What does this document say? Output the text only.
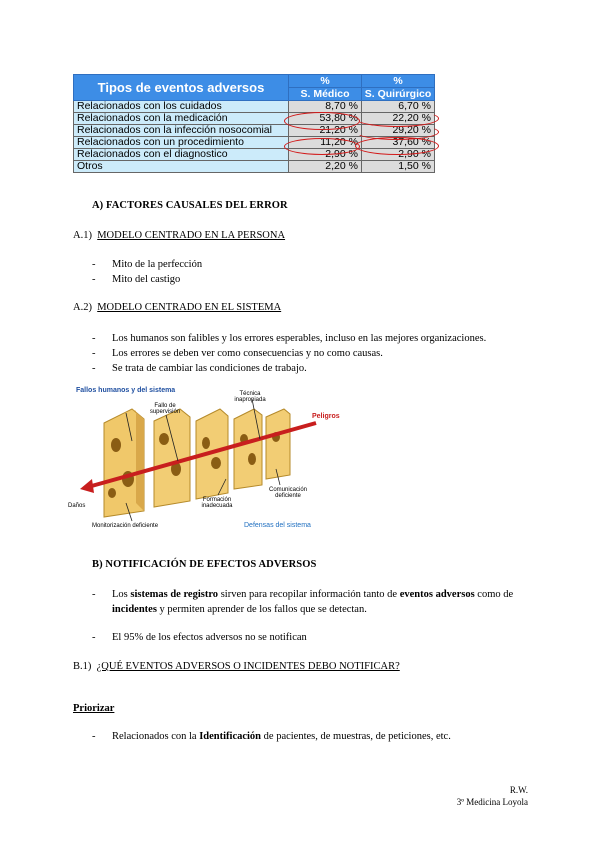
Tipos de eventos adversos	%	%
	S. Médico	S. Quirúrgico
Relacionados con los cuidados	8,70 %	6,70 %
Relacionados con la medicación	53,80 %	22,20 %
Relacionados con la infección nosocomial	21,20 %	29,20 %
Relacionados con un procedimiento	11,20 %	37,60 %
Relacionados con el diagnostico	2,90 %	2,90 %
Otros	2,20 %	1,50 %
A) FACTORES CAUSALES DEL ERROR
A.1) MODELO CENTRADO EN LA PERSONA
- Mito de la perfección
- Mito del castigo
A.2) MODELO CENTRADO EN EL SISTEMA
- Los humanos son falibles y los errores esperables, incluso en las mejores organizaciones.
- Los errores se deben ver como consecuencias y no como causas.
- Se trata de cambiar las condiciones de trabajo.
Fallos humanos y del sistema
Fallo de supervisión
Técnica inapropiada
Peligros
Comunicación deficiente
Formación inadecuada
Daños
Monitorización deficiente	Defensas del sistema
B) NOTIFICACIÓN DE EFECTOS ADVERSOS
- Los sistemas de registro sirven para recopilar información tanto de eventos adversos como de incidentes y permiten aprender de los fallos que se detectan.
- El 95% de los efectos adversos no se notifican
B.1) ¿QUÉ EVENTOS ADVERSOS O INCIDENTES DEBO NOTIFICAR?
Priorizar
- Relacionados con la Identificación de pacientes, de muestras, de peticiones, etc.
R.W.
3º Medicina Loyola
